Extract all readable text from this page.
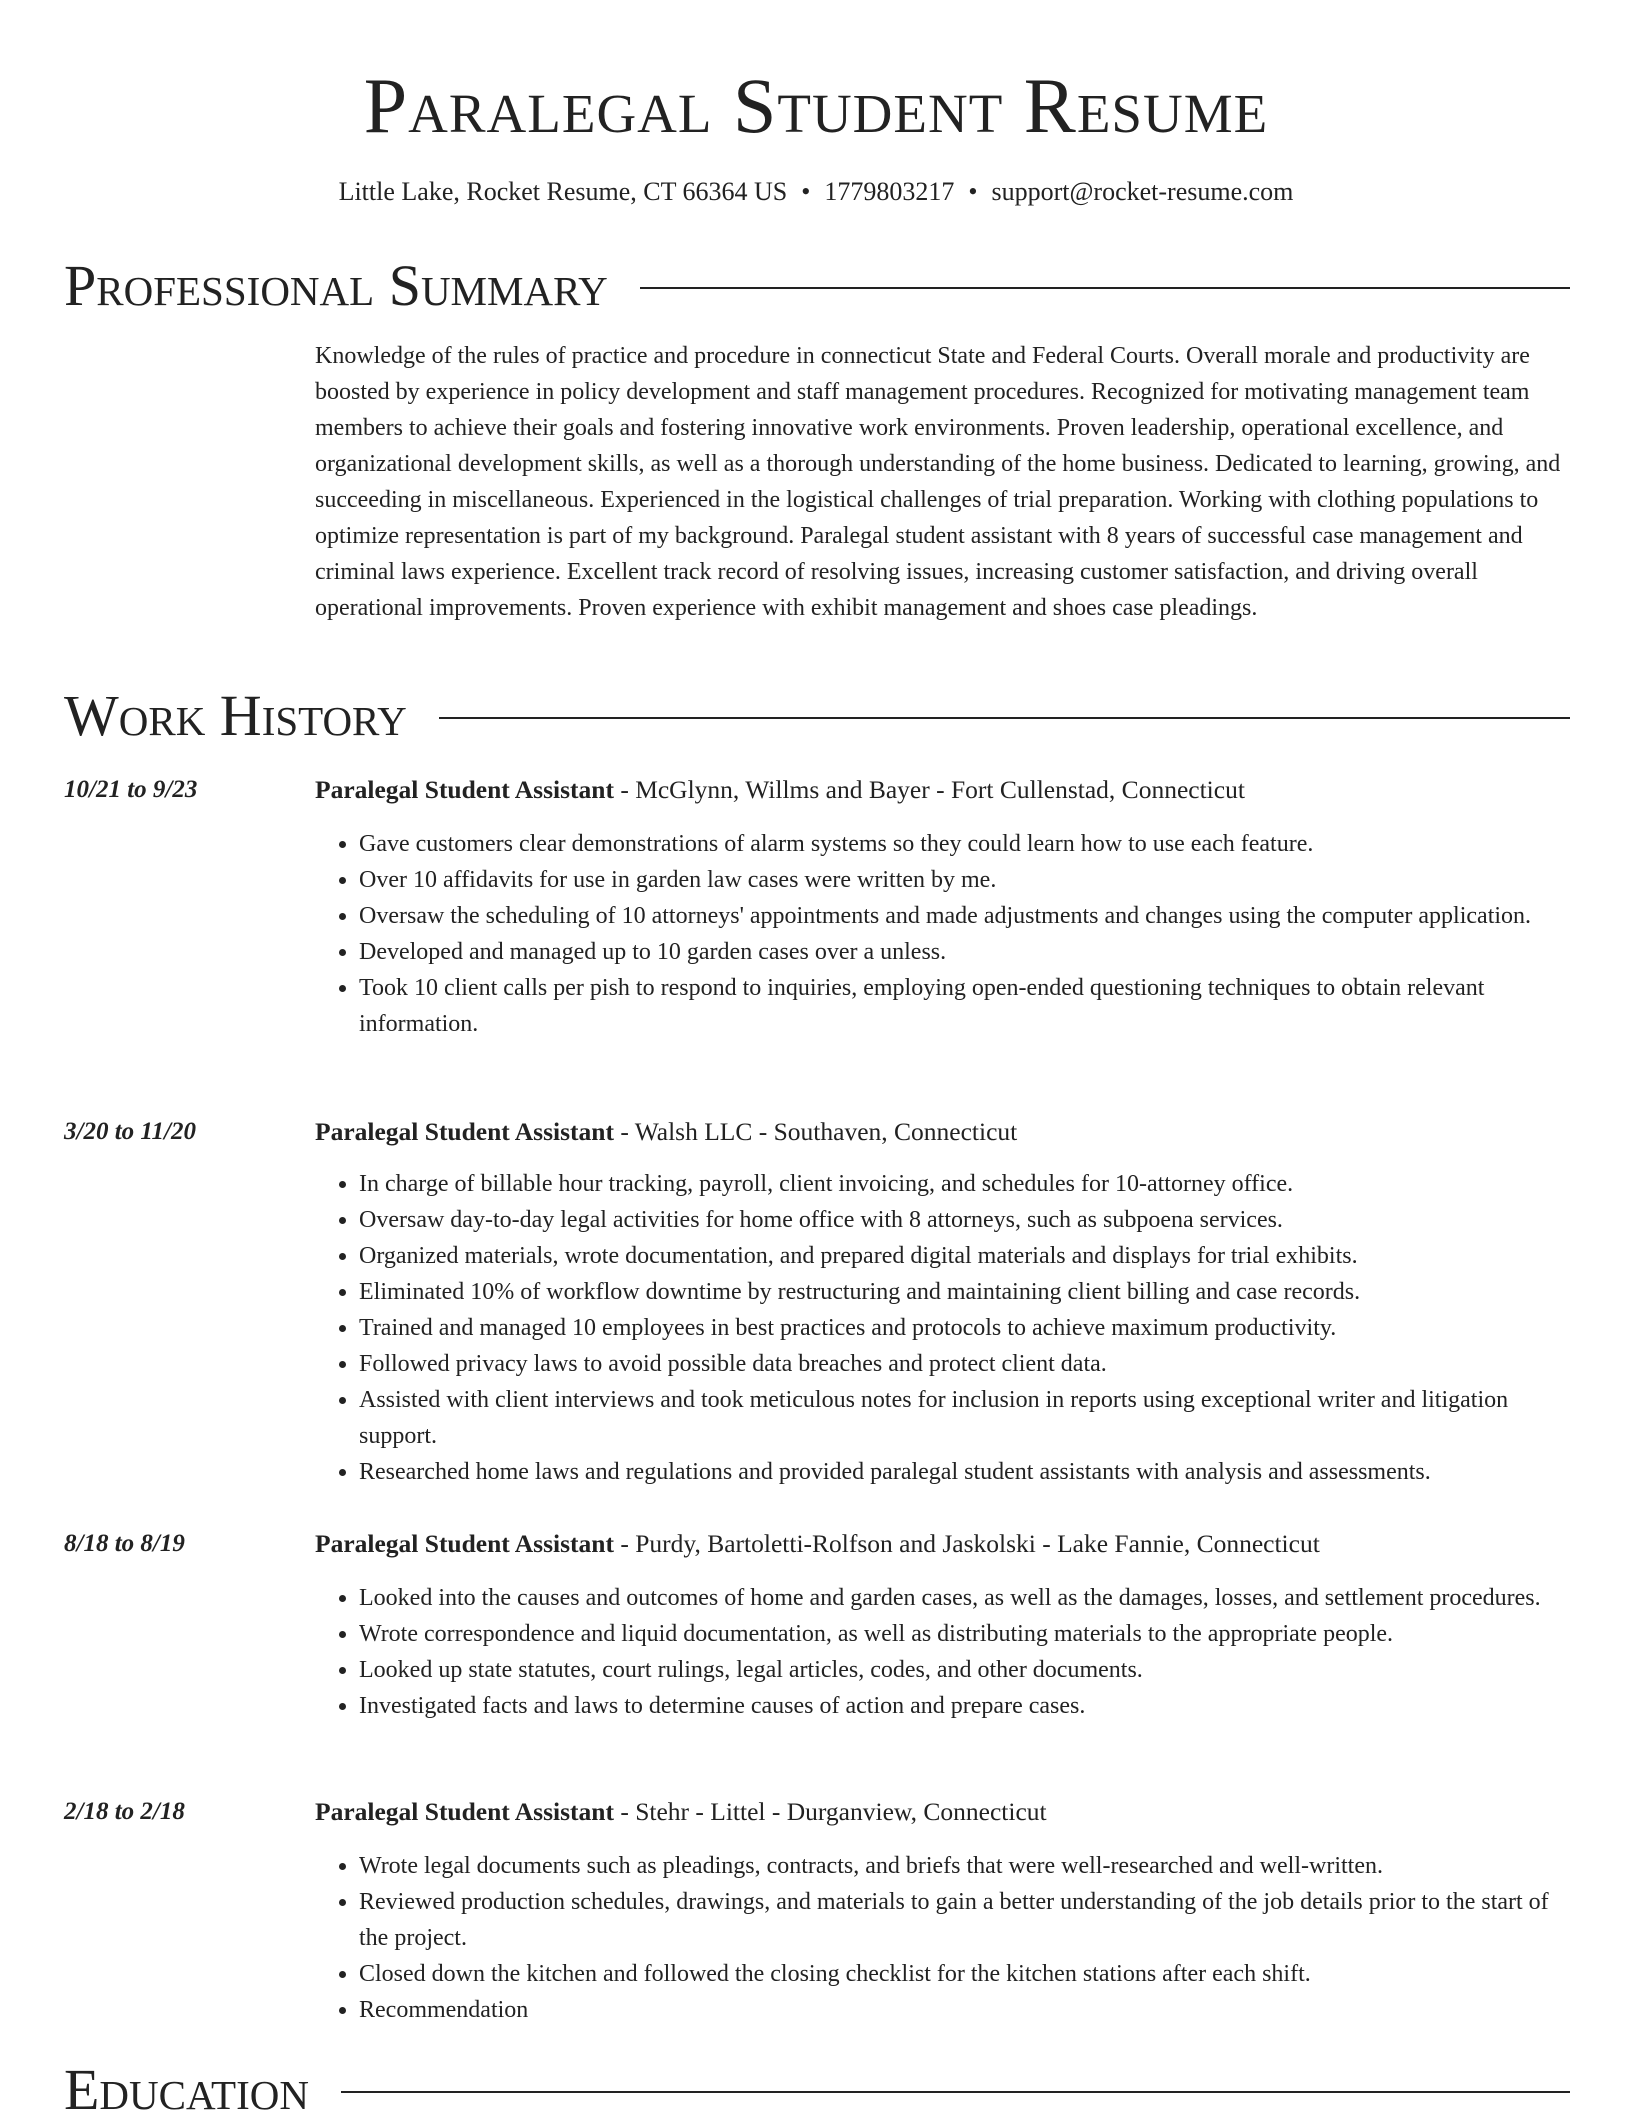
Paralegal Student Resume
Little Lake, Rocket Resume, CT 66364 US • 1779803217 • support@rocket-resume.com
Professional Summary

Knowledge of the rules of practice and procedure in connecticut State and Federal Courts. Overall morale and productivity are boosted by experience in policy development and staff management procedures. Recognized for motivating management team members to achieve their goals and fostering innovative work environments. Proven leadership, operational excellence, and organizational development skills, as well as a thorough understanding of the home business. Dedicated to learning, growing, and succeeding in miscellaneous. Experienced in the logistical challenges of trial preparation. Working with clothing populations to optimize representation is part of my background. Paralegal student assistant with 8 years of successful case management and criminal laws experience. Excellent track record of resolving issues, increasing customer satisfaction, and driving overall operational improvements. Proven experience with exhibit management and shoes case pleadings.

Work History
10/21 to 9/23	Paralegal Student Assistant - McGlynn, Willms and Bayer - Fort Cullenstad, Connecticut
• Gave customers clear demonstrations of alarm systems so they could learn how to use each feature.
• Over 10 affidavits for use in garden law cases were written by me.
• Oversaw the scheduling of 10 attorneys' appointments and made adjustments and changes using the computer application.
• Developed and managed up to 10 garden cases over a unless.
• Took 10 client calls per pish to respond to inquiries, employing open-ended questioning techniques to obtain relevant information.
3/20 to 11/20	Paralegal Student Assistant - Walsh LLC - Southaven, Connecticut
• In charge of billable hour tracking, payroll, client invoicing, and schedules for 10-attorney office.
• Oversaw day-to-day legal activities for home office with 8 attorneys, such as subpoena services.
• Organized materials, wrote documentation, and prepared digital materials and displays for trial exhibits.
• Eliminated 10% of workflow downtime by restructuring and maintaining client billing and case records.
• Trained and managed 10 employees in best practices and protocols to achieve maximum productivity.
• Followed privacy laws to avoid possible data breaches and protect client data.
• Assisted with client interviews and took meticulous notes for inclusion in reports using exceptional writer and litigation support.
• Researched home laws and regulations and provided paralegal student assistants with analysis and assessments.
8/18 to 8/19	Paralegal Student Assistant - Purdy, Bartoletti-Rolfson and Jaskolski - Lake Fannie, Connecticut
• Looked into the causes and outcomes of home and garden cases, as well as the damages, losses, and settlement procedures.
• Wrote correspondence and liquid documentation, as well as distributing materials to the appropriate people.
• Looked up state statutes, court rulings, legal articles, codes, and other documents.
• Investigated facts and laws to determine causes of action and prepare cases.
2/18 to 2/18	Paralegal Student Assistant - Stehr - Littel - Durganview, Connecticut
• Wrote legal documents such as pleadings, contracts, and briefs that were well-researched and well-written.
• Reviewed production schedules, drawings, and materials to gain a better understanding of the job details prior to the start of the project.
• Closed down the kitchen and followed the closing checklist for the kitchen stations after each shift.
• Recommendation
Education
